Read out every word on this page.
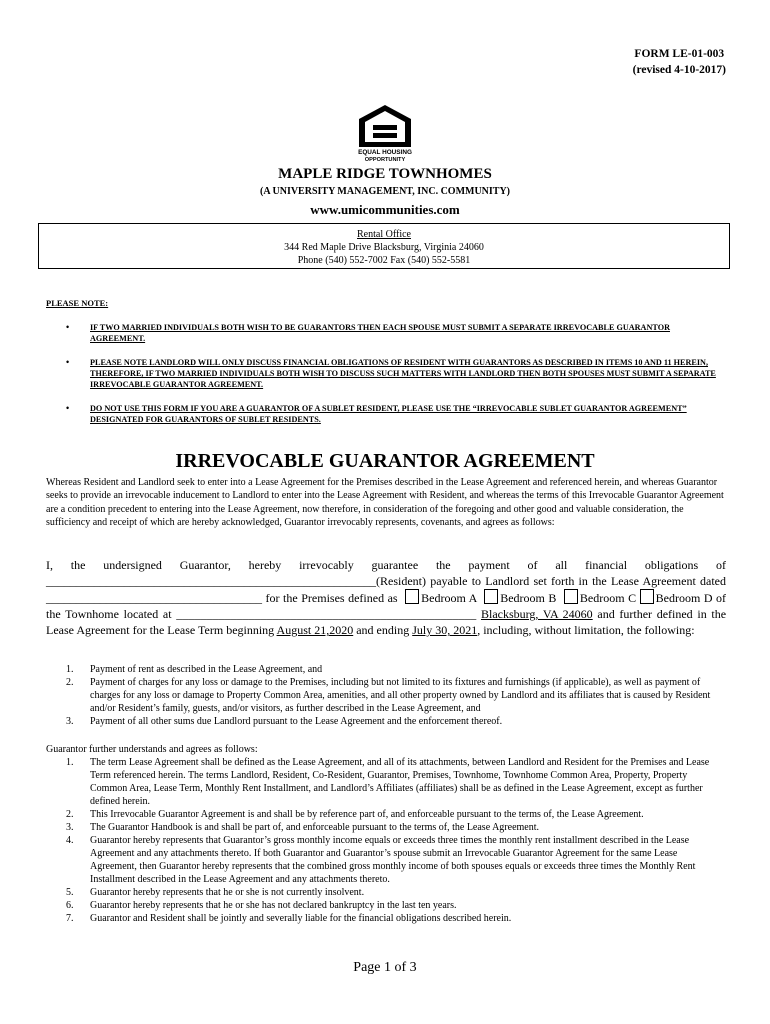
FORM LE-01-003
(revised 4-10-2017)
EQUAL HOUSING
OPPORTUNITY
MAPLE RIDGE TOWNHOMES
(A UNIVERSITY MANAGEMENT, INC. COMMUNITY)
www.umicommunities.com
Rental Office
344 Red Maple Drive Blacksburg, Virginia 24060
Phone (540) 552-7002 Fax (540) 552-5581
PLEASE NOTE:
•	IF TWO MARRIED INDIVIDUALS BOTH WISH TO BE GUARANTORS THEN EACH SPOUSE MUST SUBMIT A SEPARATE IRREVOCABLE GUARANTOR AGREEMENT.
•	PLEASE NOTE LANDLORD WILL ONLY DISCUSS FINANCIAL OBLIGATIONS OF RESIDENT WITH GUARANTORS AS DESCRIBED IN ITEMS 10 AND 11 HEREIN, THEREFORE, IF TWO MARRIED INDIVIDUALS BOTH WISH TO DISCUSS SUCH MATTERS WITH LANDLORD THEN BOTH SPOUSES MUST SUBMIT A SEPARATE IRREVOCABLE GUARANTOR AGREEMENT.
•	DO NOT USE THIS FORM IF YOU ARE A GUARANTOR OF A SUBLET RESIDENT, PLEASE USE THE “IRREVOCABLE SUBLET GUARANTOR AGREEMENT” DESIGNATED FOR GUARANTORS OF SUBLET RESIDENTS.
IRREVOCABLE GUARANTOR AGREEMENT
Whereas Resident and Landlord seek to enter into a Lease Agreement for the Premises described in the Lease Agreement and referenced herein, and whereas Guarantor seeks to provide an irrevocable inducement to Landlord to enter into the Lease Agreement with Resident, and whereas the terms of this Irrevocable Guarantor Agreement are a condition precedent to entering into the Lease Agreement, now therefore, in consideration of the foregoing and other good and valuable consideration, the sufficiency and receipt of which are hereby acknowledged, Guarantor irrevocably represents, covenants, and agrees as follows:
I, the undersigned Guarantor, hereby irrevocably guarantee the payment of all financial obligations of _______________________________________________________(Resident) payable to Landlord set forth in the Lease Agreement dated ____________________________________ for the Premises defined as Bedroom A Bedroom B Bedroom C Bedroom D of the Townhome located at __________________________________________________ Blacksburg, VA 24060 and further defined in the Lease Agreement for the Lease Term beginning August 21,2020 and ending July 30, 2021, including, without limitation, the following:
1. Payment of rent as described in the Lease Agreement, and
2. Payment of charges for any loss or damage to the Premises, including but not limited to its fixtures and furnishings (if applicable), as well as payment of charges for any loss or damage to Property Common Area, amenities, and all other property owned by Landlord and its affiliates that is caused by Resident and/or Resident’s family, guests, and/or visitors, as further described in the Lease Agreement, and
3. Payment of all other sums due Landlord pursuant to the Lease Agreement and the enforcement thereof.
Guarantor further understands and agrees as follows:
1. The term Lease Agreement shall be defined as the Lease Agreement, and all of its attachments, between Landlord and Resident for the Premises and Lease Term referenced herein. The terms Landlord, Resident, Co-Resident, Guarantor, Premises, Townhome, Townhome Common Area, Property, Property Common Area, Lease Term, Monthly Rent Installment, and Landlord’s Affiliates (affiliates) shall be as defined in the Lease Agreement, except as further defined herein.
2. This Irrevocable Guarantor Agreement is and shall be by reference part of, and enforceable pursuant to the terms of, the Lease Agreement.
3. The Guarantor Handbook is and shall be part of, and enforceable pursuant to the terms of, the Lease Agreement.
4. Guarantor hereby represents that Guarantor’s gross monthly income equals or exceeds three times the monthly rent installment described in the Lease Agreement and any attachments thereto. If both Guarantor and Guarantor’s spouse submit an Irrevocable Guarantor Agreement for the same Lease Agreement, then Guarantor hereby represents that the combined gross monthly income of both spouses equals or exceeds three times the Monthly Rent Installment described in the Lease Agreement and any attachments thereto.
5. Guarantor hereby represents that he or she is not currently insolvent.
6. Guarantor hereby represents that he or she has not declared bankruptcy in the last ten years.
7. Guarantor and Resident shall be jointly and severally liable for the financial obligations described herein.
Page 1 of 3
